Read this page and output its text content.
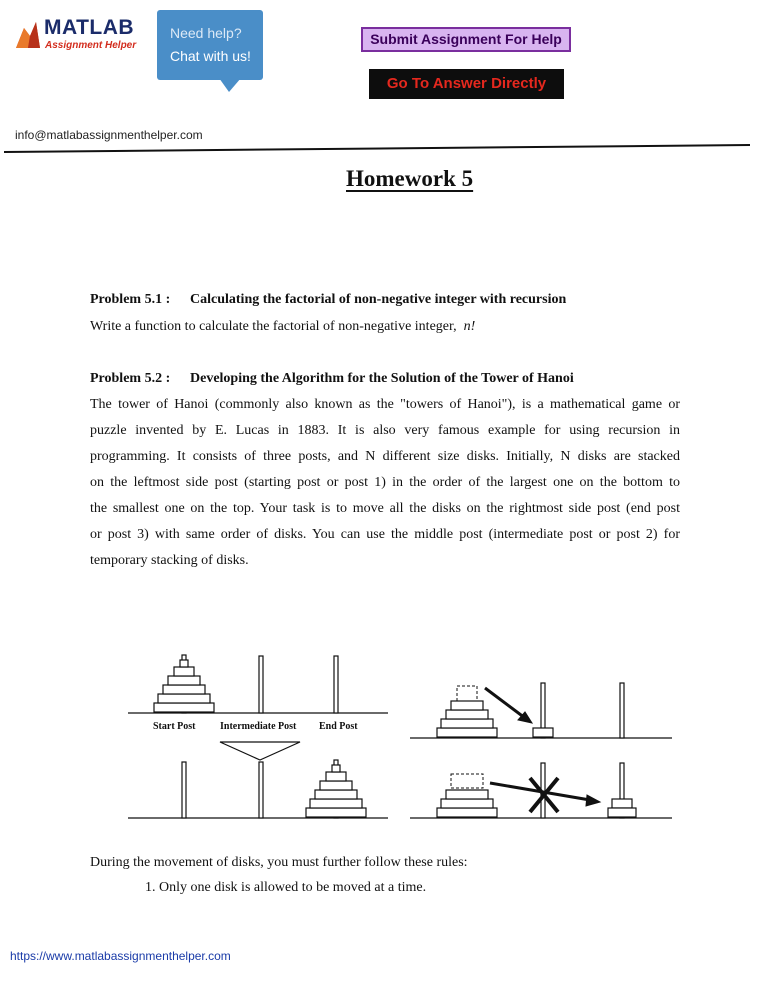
MATLAB
Assignment Helper
Need help?
Chat with us!
Submit Assignment For Help
Go To Answer Directly
info@matlabassignmenthelper.com
Homework 5
Problem 5.1 : Calculating the factorial of non-negative integer with recursion
Write a function to calculate the factorial of non-negative integer, n!
Problem 5.2 : Developing the Algorithm for the Solution of the Tower of Hanoi
The tower of Hanoi (commonly also known as the "towers of Hanoi"), is a mathematical game or
puzzle invented by E. Lucas in 1883. It is also very famous example for using recursion in
programming. It consists of three posts, and N different size disks. Initially, N disks are stacked
on the leftmost side post (starting post or post 1) in the order of the largest one on the bottom to
the smallest one on the top. Your task is to move all the disks on the rightmost side post (end post
or post 3) with same order of disks. You can use the middle post (intermediate post or post 2) for
temporary stacking of disks.
Start Post Intermediate Post End Post
During the movement of disks, you must further follow these rules:
1. Only one disk is allowed to be moved at a time.
https://www.matlabassignmenthelper.com
